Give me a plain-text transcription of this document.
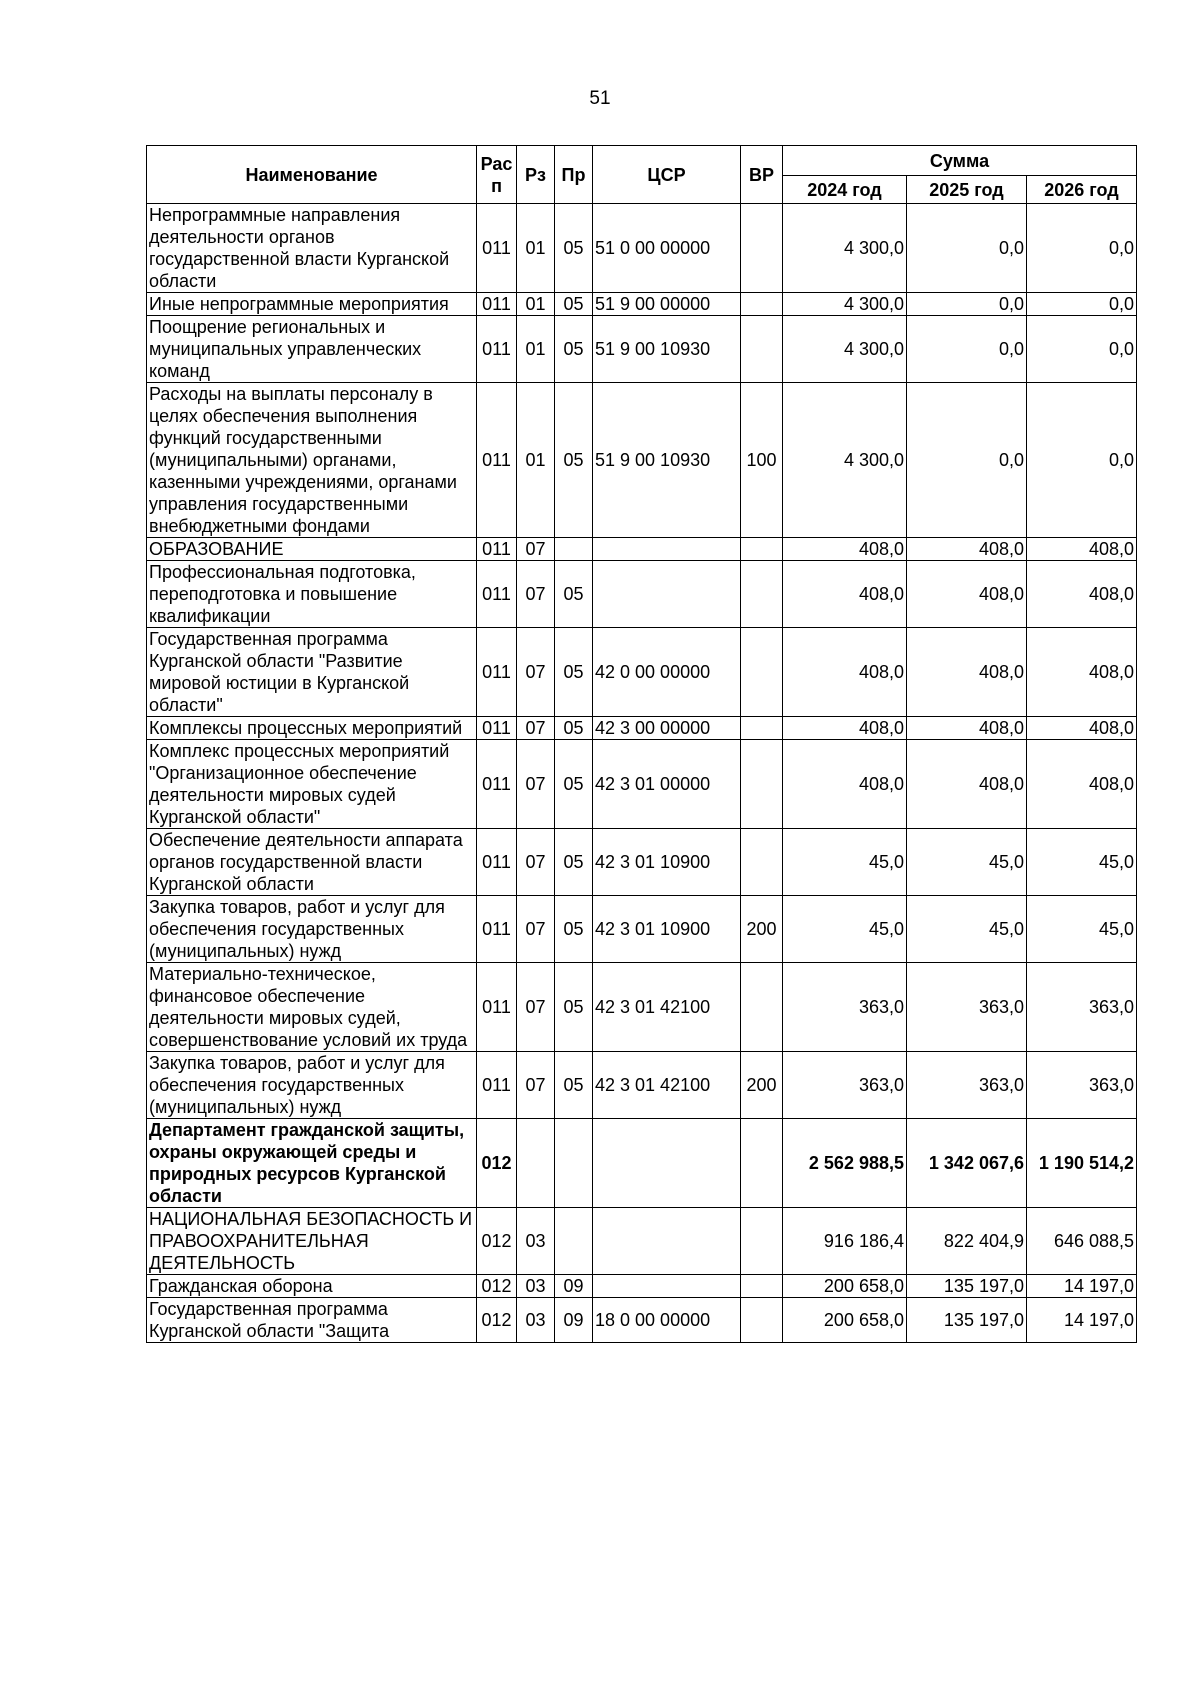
51
Наименование	Рас п	Рз	Пр	ЦСР	ВР	Сумма		
						2024 год	2025 год	2026 год
Непрограммные направления деятельности органов государственной власти Курганской области	011	01	05	51 0 00 00000		4 300,0	0,0	0,0
Иные непрограммные мероприятия	011	01	05	51 9 00 00000		4 300,0	0,0	0,0
Поощрение региональных и муниципальных управленческих команд	011	01	05	51 9 00 10930		4 300,0	0,0	0,0
Расходы на выплаты персоналу в целях обеспечения выполнения функций государственными (муниципальными) органами, казенными учреждениями, органами управления государственными внебюджетными фондами	011	01	05	51 9 00 10930	100	4 300,0	0,0	0,0
ОБРАЗОВАНИЕ	011	07				408,0	408,0	408,0
Профессиональная подготовка, переподготовка и повышение квалификации	011	07	05			408,0	408,0	408,0
Государственная программа Курганской области "Развитие мировой юстиции в Курганской области"	011	07	05	42 0 00 00000		408,0	408,0	408,0
Комплексы процессных мероприятий	011	07	05	42 3 00 00000		408,0	408,0	408,0
Комплекс процессных мероприятий "Организационное обеспечение деятельности мировых судей Курганской области"	011	07	05	42 3 01 00000		408,0	408,0	408,0
Обеспечение деятельности аппарата органов государственной власти Курганской области	011	07	05	42 3 01 10900		45,0	45,0	45,0
Закупка товаров, работ и услуг для обеспечения государственных (муниципальных) нужд	011	07	05	42 3 01 10900	200	45,0	45,0	45,0
Материально-техническое, финансовое обеспечение деятельности мировых судей, совершенствование условий их труда	011	07	05	42 3 01 42100		363,0	363,0	363,0
Закупка товаров, работ и услуг для обеспечения государственных (муниципальных) нужд	011	07	05	42 3 01 42100	200	363,0	363,0	363,0
Департамент гражданской защиты, охраны окружающей среды и природных ресурсов Курганской области	012					2 562 988,5	1 342 067,6	1 190 514,2
НАЦИОНАЛЬНАЯ БЕЗОПАСНОСТЬ И ПРАВООХРАНИТЕЛЬНАЯ ДЕЯТЕЛЬНОСТЬ	012	03				916 186,4	822 404,9	646 088,5
Гражданская оборона	012	03	09			200 658,0	135 197,0	14 197,0
Государственная программа Курганской области "Защита	012	03	09	18 0 00 00000		200 658,0	135 197,0	14 197,0
